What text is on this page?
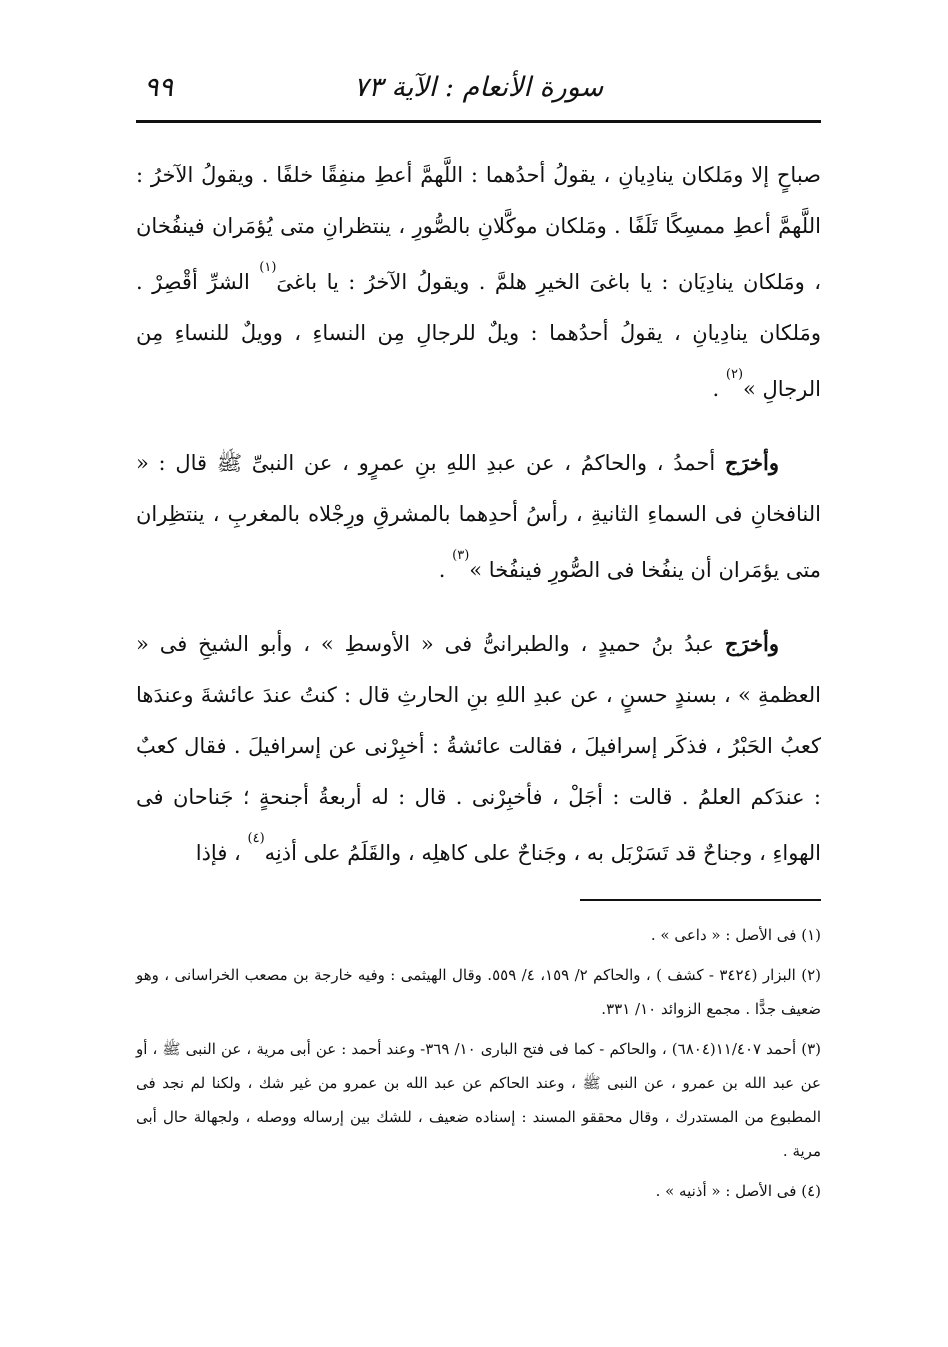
٩٩	سورة الأنعام : الآية ٧٣

صباحٍ إلا ومَلكان ينادِيانِ ، يقولُ أحدُهما : اللَّهمَّ أعطِ منفِقًا خلفًا . ويقولُ الآخرُ : اللَّهمَّ أعطِ ممسِكًا تَلَفًا . ومَلكان موكَّلانِ بالصُّورِ ، ينتظرانِ متى يُؤمَران فينفُخان ، ومَلكان ينادِيَان : يا باغىَ الخيرِ هلمَّ . ويقولُ الآخرُ : يا باغىَ$^{(١)}$ الشرِّ أقْصِرْ . ومَلكان ينادِيانِ ، يقولُ أحدُهما : ويلٌ للرجالِ مِن النساءِ ، وويلٌ للنساءِ مِن الرجالِ »$^{(٢)}$ .

وأخرَج أحمدُ ، والحاكمُ ، عن عبدِ اللهِ بنِ عمرٍو ، عن النبىِّ ﷺ قال : « النافخانِ فى السماءِ الثانيةِ ، رأسُ أحدِهما بالمشرقِ ورِجْلاه بالمغربِ ، ينتظِران متى يؤمَران أن ينفُخا فى الصُّورِ فينفُخا »$^{(٣)}$ .

وأخرَج عبدُ بنُ حميدٍ ، والطبرانىُّ فى « الأوسطِ » ، وأبو الشيخِ فى « العظمةِ » ، بسندٍ حسنٍ ، عن عبدِ اللهِ بنِ الحارثِ قال : كنتُ عندَ عائشةَ وعندَها كعبُ الحَبْرُ ، فذكَر إسرافيلَ ، فقالت عائشةُ : أخبِرْنى عن إسرافيلَ . فقال كعبٌ : عندَكم العلمُ . قالت : أجَلْ ، فأخبِرْنى . قال : له أربعةُ أجنحةٍ ؛ جَناحان فى الهواءِ ، وجناحٌ قد تَسَرْبَل به ، وجَناحٌ على كاهلِه ، والقَلَمُ على أذنِه$^{(٤)}$ ، فإذا

(١) فى الأصل : « داعى » .

(٢) البزار (٣٤٢٤ - كشف ) ، والحاكم ٢/ ١٥٩، ٤/ ٥٥٩. وقال الهيثمى : وفيه خارجة بن مصعب الخراسانى ، وهو ضعيف جدًّا . مجمع الزوائد ١٠/ ٣٣١.

(٣) أحمد ١١/٤٠٧(٦٨٠٤) ، والحاكم - كما فى فتح البارى ١٠/ ٣٦٩- وعند أحمد : عن أبى مرية ، عن النبى ﷺ ، أو عن عبد الله بن عمرو ، عن النبى ﷺ ، وعند الحاكم عن عبد الله بن عمرو من غير شك ، ولكنا لم نجد فى المطبوع من المستدرك ، وقال محققو المسند : إسناده ضعيف ، للشك بين إرساله ووصله ، ولجهالة حال أبى مرية .

(٤) فى الأصل : « أذنيه » .
